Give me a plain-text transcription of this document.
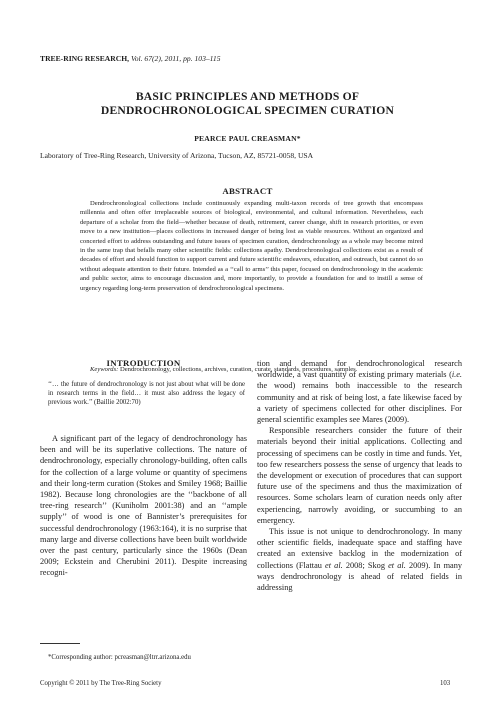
TREE-RING RESEARCH, Vol. 67(2), 2011, pp. 103–115
BASIC PRINCIPLES AND METHODS OF
DENDROCHRONOLOGICAL SPECIMEN CURATION
PEARCE PAUL CREASMAN*
Laboratory of Tree-Ring Research, University of Arizona, Tucson, AZ, 85721-0058, USA
ABSTRACT

Dendrochronological collections include continuously expanding multi-taxon records of tree growth that encompass millennia and often offer irreplaceable sources of biological, environmental, and cultural information. Nevertheless, each departure of a scholar from the field—whether because of death, retirement, career change, shift in research priorities, or even move to a new institution—places collections in increased danger of being lost as viable resources. Without an organized and concerted effort to address outstanding and future issues of specimen curation, dendrochronology as a whole may become mired in the same trap that befalls many other scientific fields: collections apathy. Dendrochronological collections exist as a result of decades of effort and should function to support current and future scientific endeavors, education, and outreach, but cannot do so without adequate attention to their future. Intended as a ‘‘call to arms’’ this paper, focused on dendrochronology in the academic and public sector, aims to encourage discussion and, more importantly, to provide a foundation for and to instill a sense of urgency regarding long-term preservation of dendrochronological specimens.

Keywords: Dendrochronology, collections, archives, curation, curate, standards, procedures, samples.

INTRODUCTION

‘‘… the future of dendrochronology is not just about what will be done in research terms in the field… it must also address the legacy of previous work.’’ (Baillie 2002:70)

A significant part of the legacy of dendrochronology has been and will be its superlative collections. The nature of dendrochronology, especially chronology-building, often calls for the collection of a large volume or quantity of specimens and their long-term curation (Stokes and Smiley 1968; Baillie 1982). Because long chronologies are the ‘‘backbone of all tree-ring research’’ (Kuniholm 2001:38) and an ‘‘ample supply’’ of wood is one of Bannister’s prerequisites for successful dendrochronology (1963:164), it is no surprise that many large and diverse collections have been built worldwide over the past century, particularly since the 1960s (Dean 2009; Eckstein and Cherubini 2011). Despite increasing recogni-

tion and demand for dendrochronological research worldwide, a vast quantity of existing primary materials (i.e. the wood) remains both inaccessible to the research community and at risk of being lost, a fate likewise faced by a variety of specimens collected for other disciplines. For general scientific examples see Mares (2009).

Responsible researchers consider the future of their materials beyond their initial applications. Collecting and processing of specimens can be costly in time and funds. Yet, too few researchers possess the sense of urgency that leads to the development or execution of procedures that can support future use of the specimens and thus the maximization of resources. Some scholars learn of curation needs only after experiencing, narrowly avoiding, or succumbing to an emergency.

This issue is not unique to dendrochronology. In many other scientific fields, inadequate space and staffing have created an extensive backlog in the modernization of collections (Flattau et al. 2008; Skog et al. 2009). In many ways dendrochronology is ahead of related fields in addressing

*Corresponding author: pcreasman@ltrr.arizona.edu
Copyright © 2011 by The Tree-Ring Society	103
